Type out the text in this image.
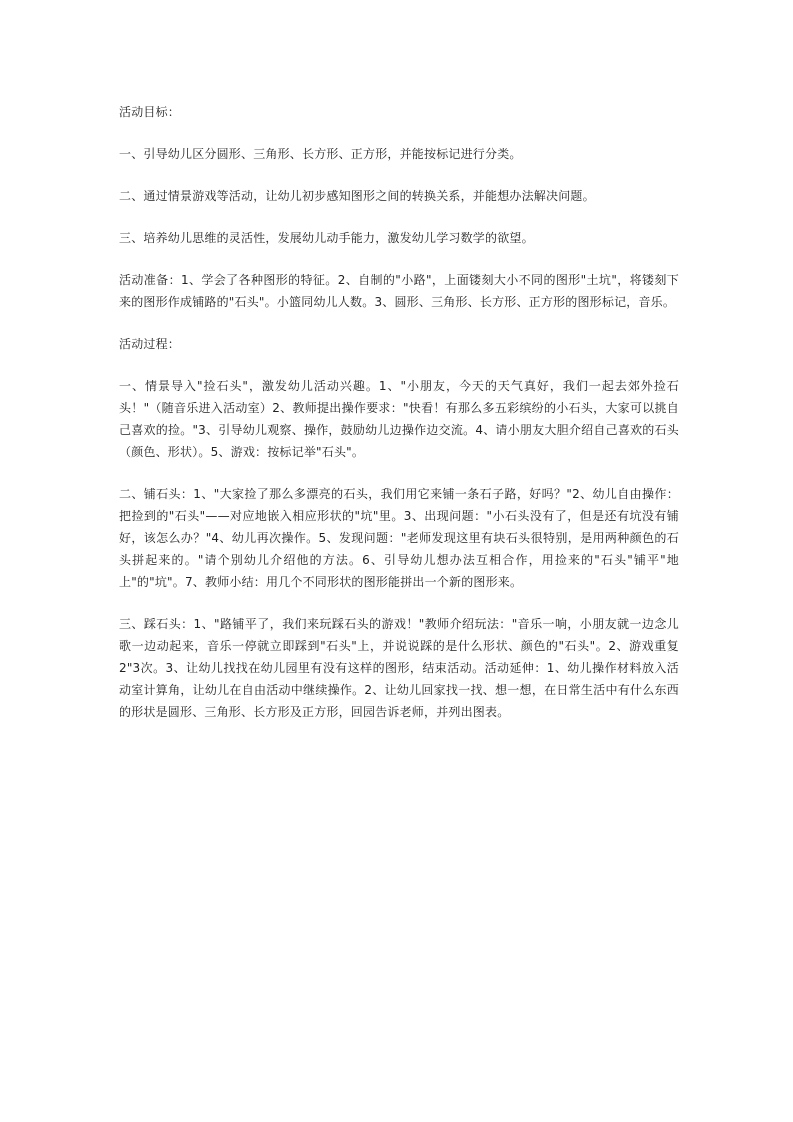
活动目标：

一、引导幼儿区分圆形、三角形、长方形、正方形，并能按标记进行分类。

二、通过情景游戏等活动，让幼儿初步感知图形之间的转换关系，并能想办法解决问题。

三、培养幼儿思维的灵活性，发展幼儿动手能力，激发幼儿学习数学的欲望。

活动准备：1、学会了各种图形的特征。2、自制的"小路"，上面镂刻大小不同的图形"土坑"，将镂刻下来的图形作成铺路的"石头"。小篮同幼儿人数。3、圆形、三角形、长方形、正方形的图形标记，音乐。

活动过程：

一、情景导入"捡石头"，激发幼儿活动兴趣。1、"小朋友，今天的天气真好，我们一起去郊外捡石头！"（随音乐进入活动室）2、教师提出操作要求："快看！有那么多五彩缤纷的小石头，大家可以挑自己喜欢的捡。"3、引导幼儿观察、操作，鼓励幼儿边操作边交流。4、请小朋友大胆介绍自己喜欢的石头（颜色、形状）。5、游戏：按标记举"石头"。

二、铺石头：1、"大家捡了那么多漂亮的石头，我们用它来铺一条石子路，好吗？"2、幼儿自由操作：把捡到的"石头"——对应地嵌入相应形状的"坑"里。3、出现问题："小石头没有了，但是还有坑没有铺好，该怎么办？"4、幼儿再次操作。5、发现问题："老师发现这里有块石头很特别，是用两种颜色的石头拼起来的。"请个别幼儿介绍他的方法。6、引导幼儿想办法互相合作，用捡来的"石头"铺平"地上"的"坑"。7、教师小结：用几个不同形状的图形能拼出一个新的图形来。

三、踩石头：1、"路铺平了，我们来玩踩石头的游戏！"教师介绍玩法："音乐一响，小朋友就一边念儿歌一边动起来，音乐一停就立即踩到"石头"上，并说说踩的是什么形状、颜色的"石头"。2、游戏重复2"3次。3、让幼儿找找在幼儿园里有没有这样的图形，结束活动。活动延伸：1、幼儿操作材料放入活动室计算角，让幼儿在自由活动中继续操作。2、让幼儿回家找一找、想一想，在日常生活中有什么东西的形状是圆形、三角形、长方形及正方形，回园告诉老师，并列出图表。
